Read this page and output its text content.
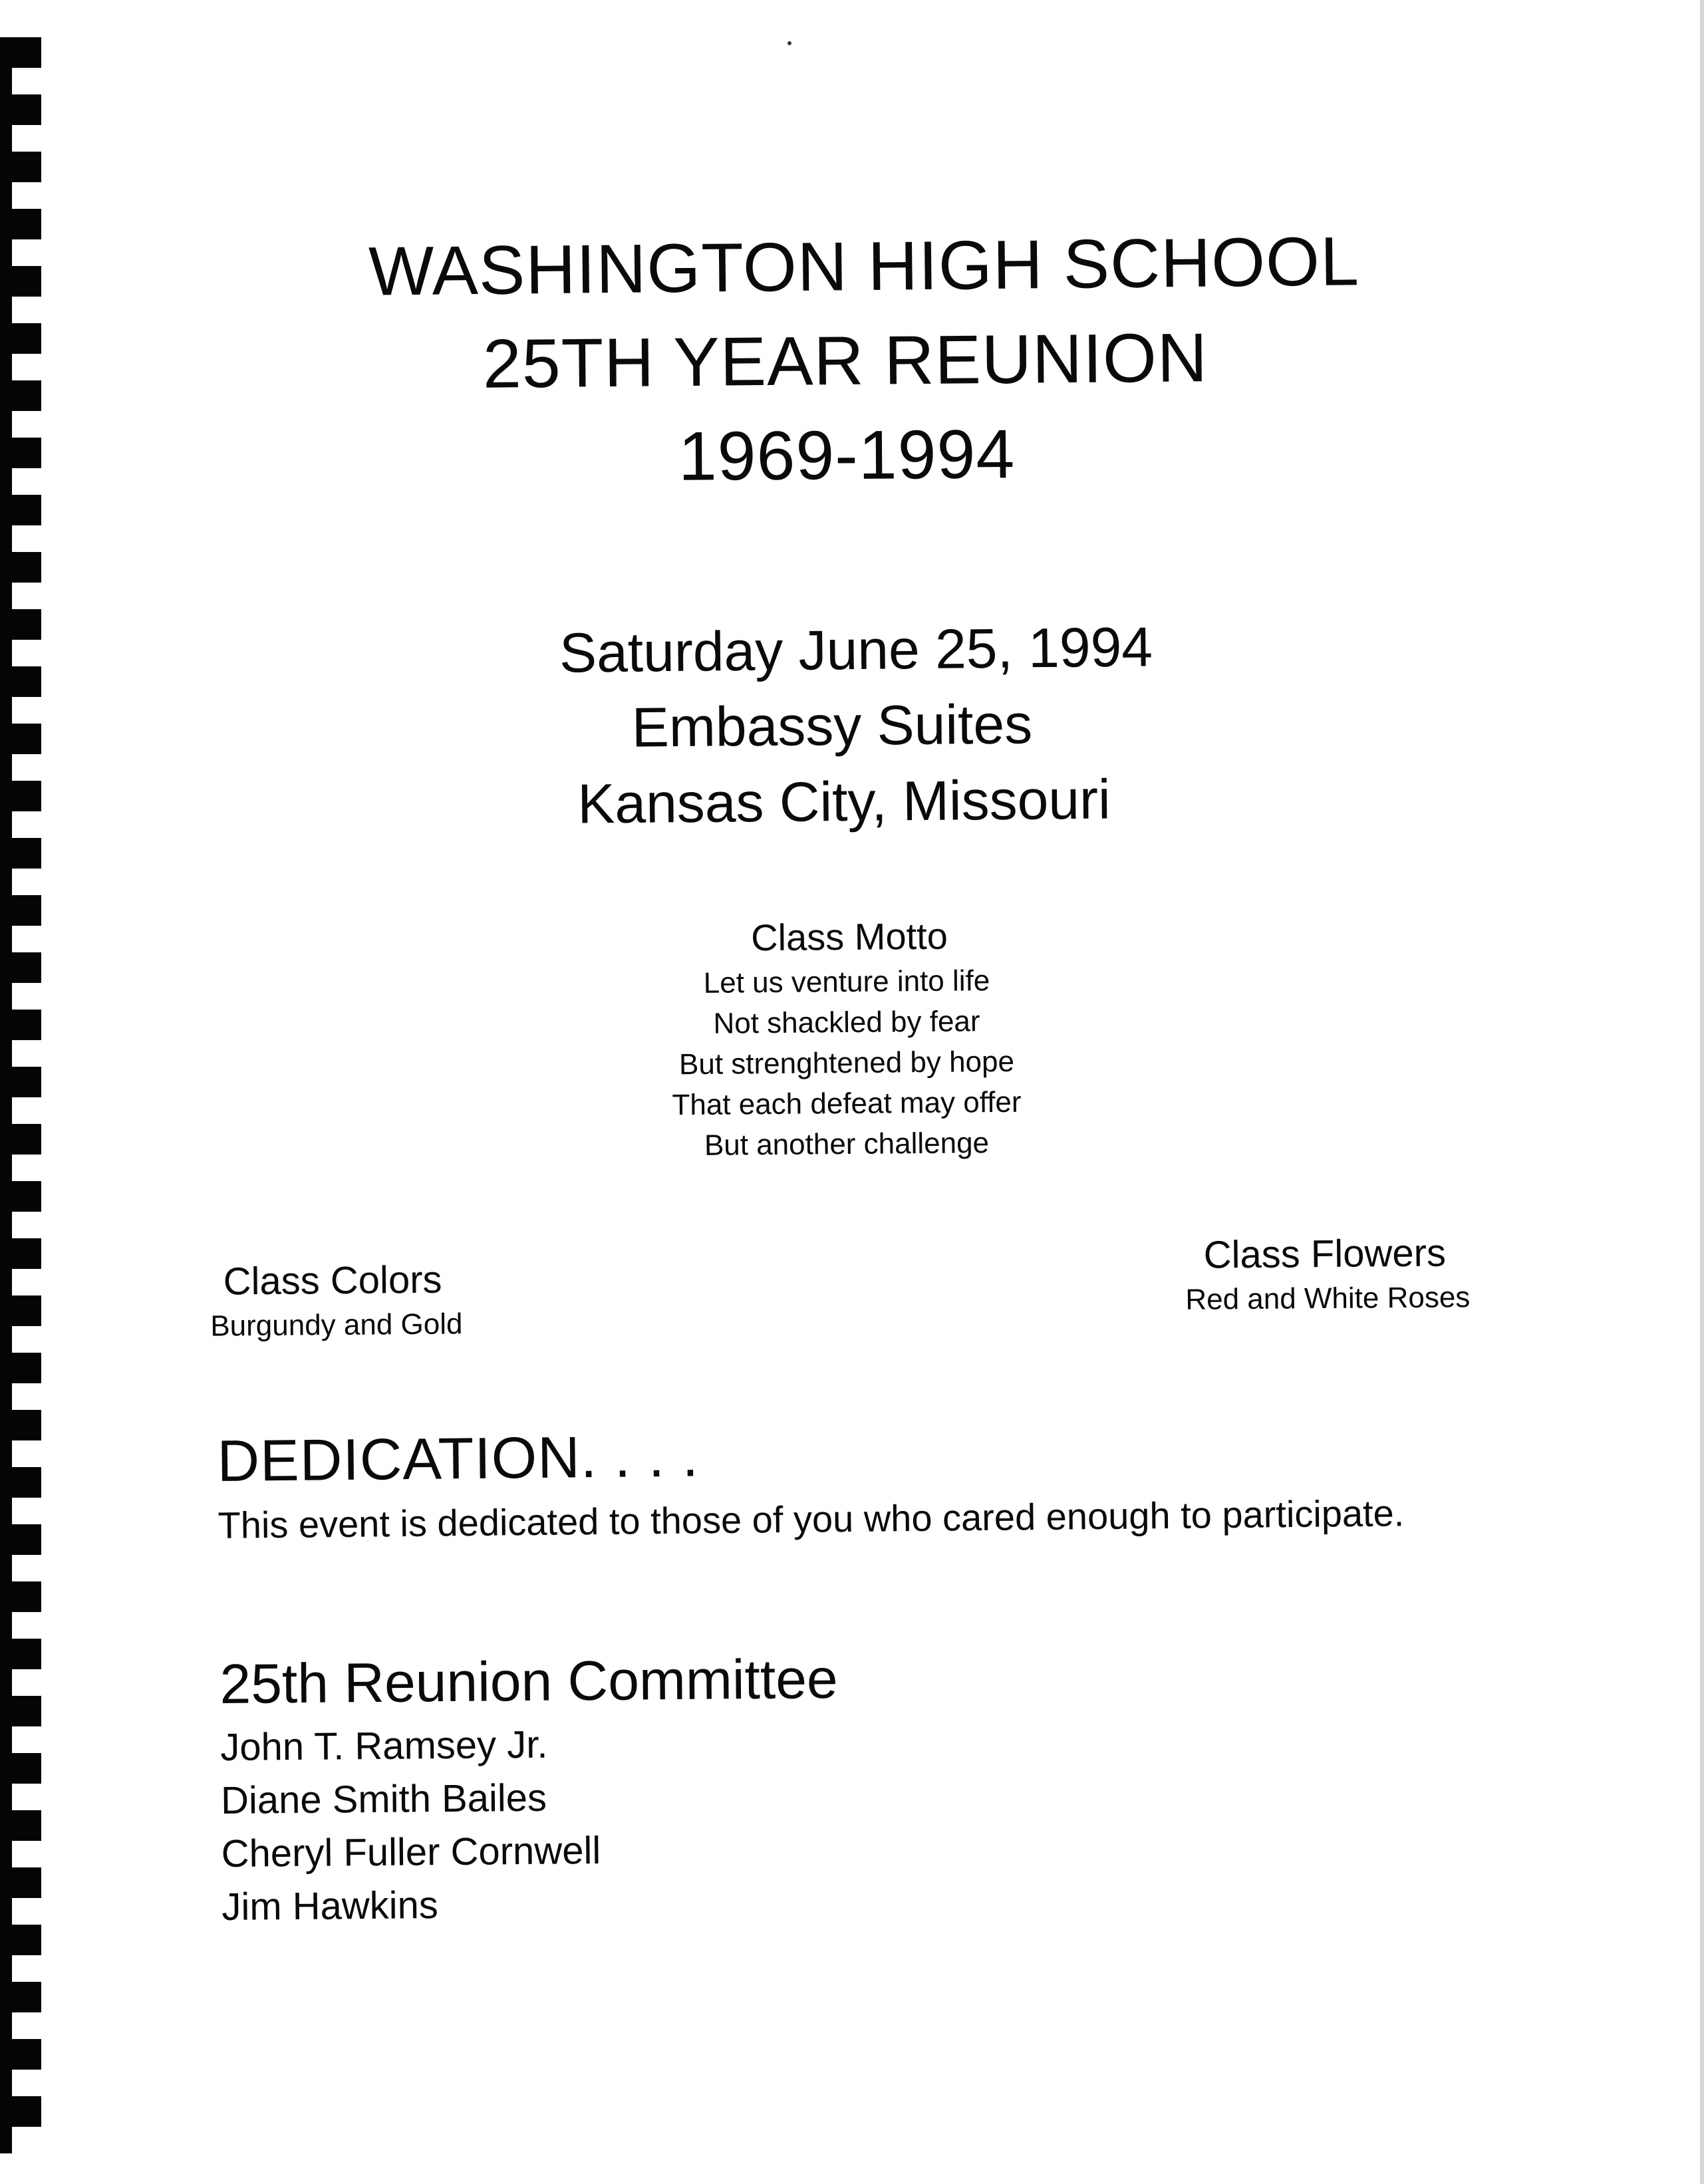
WASHINGTON HIGH SCHOOL
25TH YEAR REUNION
1969-1994
Saturday June 25, 1994
Embassy Suites
Kansas City, Missouri
Class Motto
Let us venture into life
Not shackled by fear
But strenghtened by hope
That each defeat may offer
But another challenge
Class Colors
Burgundy and Gold
Class Flowers
Red and White Roses
DEDICATION. . . .
This event is dedicated to those of you who cared enough to participate.
25th Reunion Committee
John T. Ramsey Jr.
Diane Smith Bailes
Cheryl Fuller Cornwell
Jim Hawkins
